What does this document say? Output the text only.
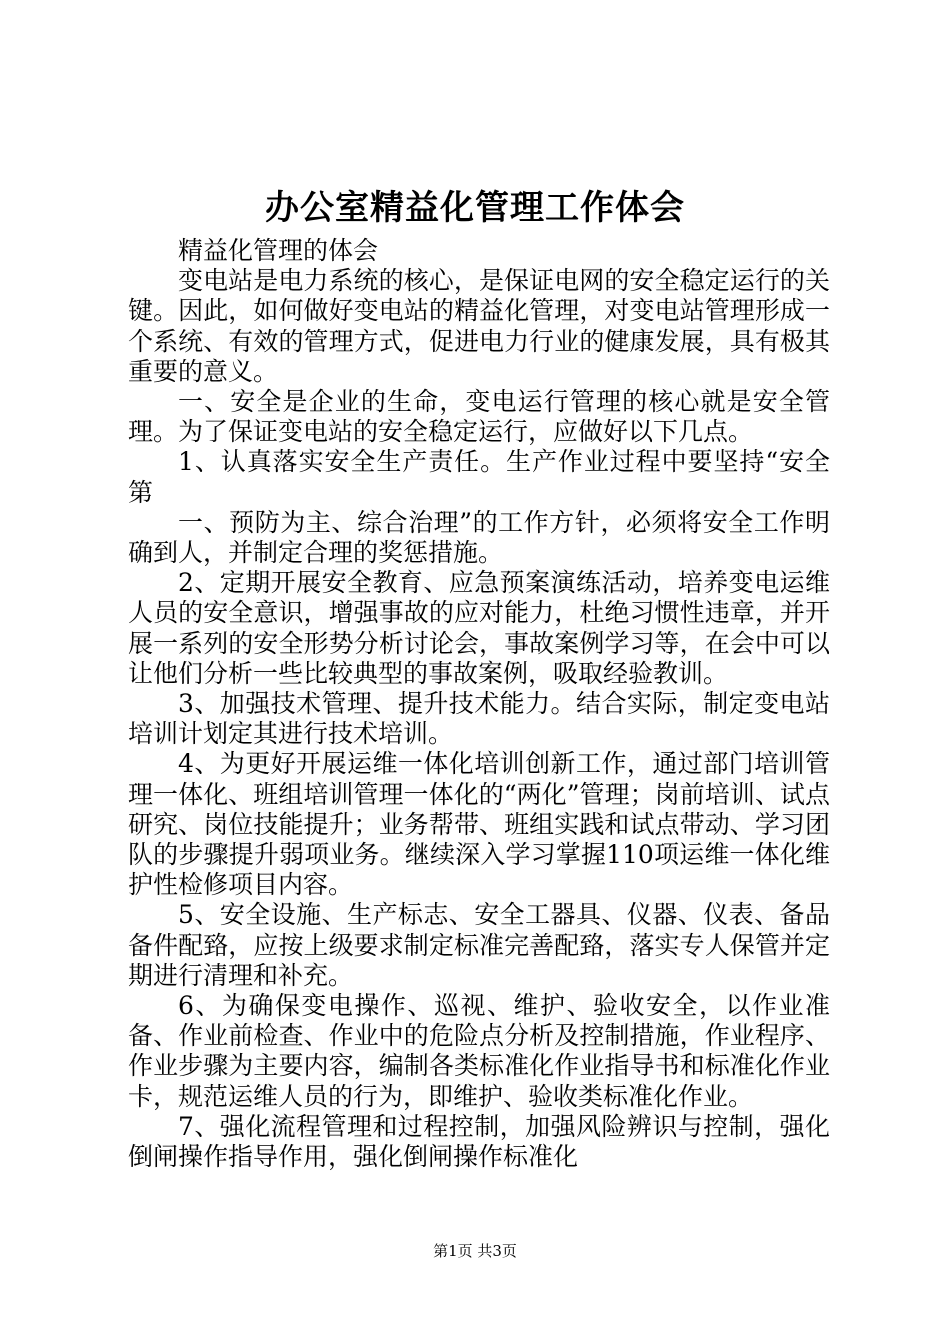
办公室精益化管理工作体会

精益化管理的体会

变电站是电力系统的核心，是保证电网的安全稳定运行的关键。因此，如何做好变电站的精益化管理，对变电站管理形成一个系统、有效的管理方式，促进电力行业的健康发展，具有极其重要的意义。

一、安全是企业的生命，变电运行管理的核心就是安全管理。为了保证变电站的安全稳定运行，应做好以下几点。

1、认真落实安全生产责任。生产作业过程中要坚持“安全第

一、预防为主、综合治理”的工作方针，必须将安全工作明确到人，并制定合理的奖惩措施。

2、定期开展安全教育、应急预案演练活动，培养变电运维人员的安全意识，增强事故的应对能力，杜绝习惯性违章，并开展一系列的安全形势分析讨论会，事故案例学习等，在会中可以让他们分析一些比较典型的事故案例，吸取经验教训。

3、加强技术管理、提升技术能力。结合实际，制定变电站培训计划定其进行技术培训。

4、为更好开展运维一体化培训创新工作，通过部门培训管理一体化、班组培训管理一体化的“两化”管理；岗前培训、试点研究、岗位技能提升；业务帮带、班组实践和试点带动、学习团队的步骤提升弱项业务。继续深入学习掌握110项运维一体化维护性检修项目内容。

5、安全设施、生产标志、安全工器具、仪器、仪表、备品备件配臵，应按上级要求制定标准完善配臵，落实专人保管并定期进行清理和补充。

6、为确保变电操作、巡视、维护、验收安全，以作业准备、作业前检查、作业中的危险点分析及控制措施，作业程序、作业步骤为主要内容，编制各类标准化作业指导书和标准化作业卡，规范运维人员的行为，即维护、验收类标准化作业。

7、强化流程管理和过程控制，加强风险辨识与控制，强化倒闸操作指导作用，强化倒闸操作标准化

第1页 共3页
